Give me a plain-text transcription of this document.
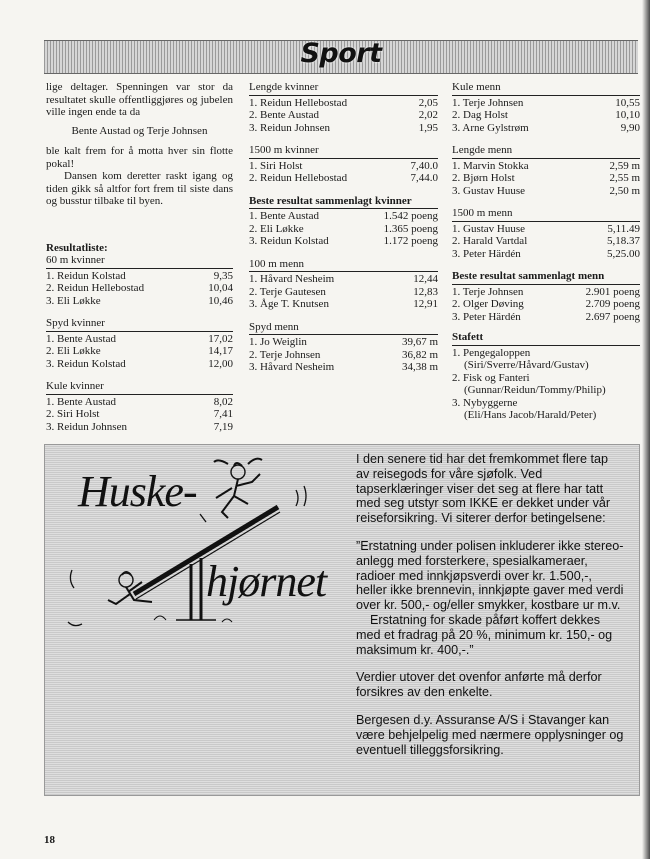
Sport

lige deltager. Spenningen var stor da resultatet skulle offentliggjøres og jubelen ville ingen ende ta da

Bente Austad og Terje Johnsen

ble kalt frem for å motta hver sin flotte pokal!

Dansen kom deretter raskt igang og tiden gikk så altfor fort frem til siste dans og busstur tilbake til byen.

Resultatliste:
60 m kvinner
1. Reidun Kolstad	9,35
2. Reidun Hellebostad	10,04
3. Eli Løkke	10,46
Spyd kvinner
1. Bente Austad	17,02
2. Eli Løkke	14,17
3. Reidun Kolstad	12,00
Kule kvinner
1. Bente Austad	8,02
2. Siri Holst	7,41
3. Reidun Johnsen	7,19
Lengde kvinner
1. Reidun Hellebostad	2,05
2. Bente Austad	2,02
3. Reidun Johnsen	1,95
1500 m kvinner
1. Siri Holst	7,40.0
2. Reidun Hellebostad	7,44.0
Beste resultat sammenlagt kvinner
1. Bente Austad	1.542 poeng
2. Eli Løkke	1.365 poeng
3. Reidun Kolstad	1.172 poeng
100 m menn
1. Håvard Nesheim	12,44
2. Terje Gautesen	12,83
3. Åge T. Knutsen	12,91
Spyd menn
1. Jo Weiglin	39,67 m
2. Terje Johnsen	36,82 m
3. Håvard Nesheim	34,38 m
Kule menn
1. Terje Johnsen	10,55
2. Dag Holst	10,10
3. Arne Gylstrøm	9,90
Lengde menn
1. Marvin Stokka	2,59 m
2. Bjørn Holst	2,55 m
3. Gustav Huuse	2,50 m
1500 m menn
1. Gustav Huuse	5,11.49
2. Harald Vartdal	5,18.37
3. Peter Härdén	5,25.00
Beste resultat sammenlagt menn
1. Terje Johnsen	2.901 poeng
2. Olger Døving	2.709 poeng
3. Peter Härdén	2.697 poeng
Stafett
1. Pengegaloppen
(Siri/Sverre/Håvard/Gustav)
2. Fisk og Fanteri
(Gunnar/Reidun/Tommy/Philip)
3. Nybyggerne
(Eli/Hans Jacob/Harald/Peter)
Huske-
hjørnet

I den senere tid har det fremkommet flere tap av reisegods for våre sjøfolk. Ved tapserklæringer viser det seg at flere har tatt med seg utstyr som IKKE er dekket under vår reiseforsikring. Vi siterer derfor betingelsene:

”Erstatning under polisen inkluderer ikke stereo-anlegg med forsterkere, spesialkameraer, radioer med innkjøpsverdi over kr. 1.500,-, heller ikke brennevin, innkjøpte gaver med verdi over kr. 500,- og/eller smykker, kostbare ur m.v.

Erstatning for skade påført koffert dekkes med et fradrag på 20 %, minimum kr. 150,- og maksimum kr. 400,-.”

Verdier utover det ovenfor anførte må derfor forsikres av den enkelte.

Bergesen d.y. Assuranse A/S i Stavanger kan være behjelpelig med nærmere opplysninger og eventuell tilleggsforsikring.

18
